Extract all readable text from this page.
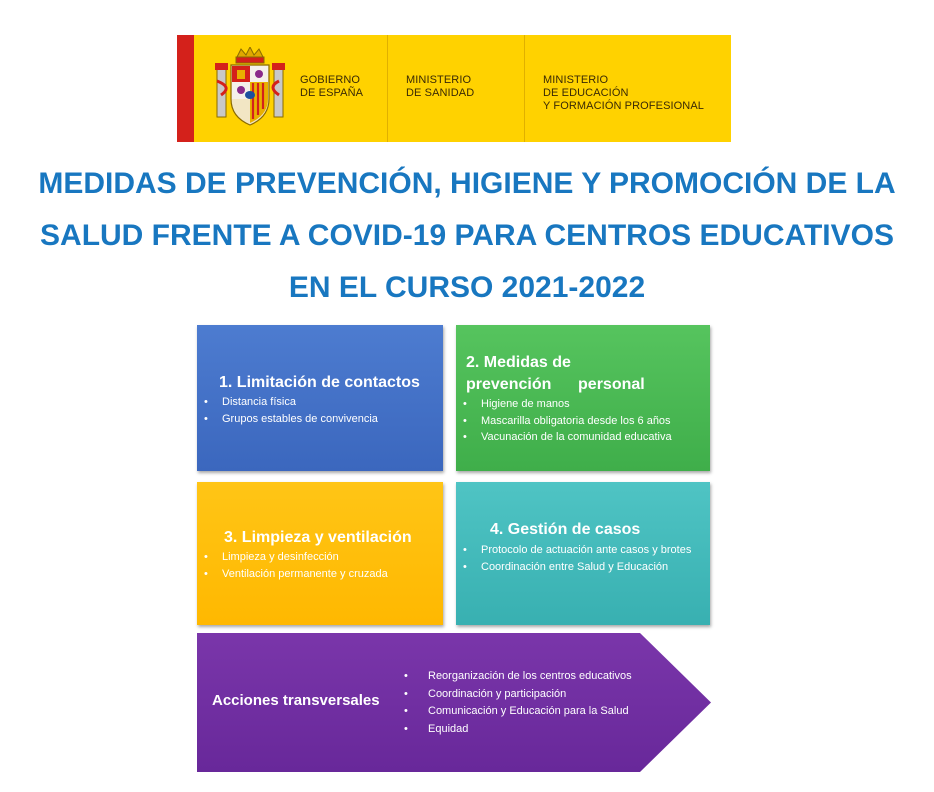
GOBIERNO
DE ESPAÑA
MINISTERIO
DE SANIDAD
MINISTERIO
DE EDUCACIÓN
Y FORMACIÓN PROFESIONAL
MEDIDAS DE PREVENCIÓN, HIGIENE Y PROMOCIÓN DE LA
SALUD FRENTE A COVID-19 PARA CENTROS EDUCATIVOS
EN EL CURSO 2021-2022
1. Limitación de contactos
• Distancia física
• Grupos estables de convivencia
2. Medidas de prevención      personal
• Higiene de manos
• Mascarilla obligatoria desde los 6 años
• Vacunación de la comunidad educativa
3. Limpieza y ventilación
• Limpieza y desinfección
• Ventilación permanente y cruzada
4. Gestión de casos
• Protocolo de actuación ante casos y brotes
• Coordinación entre Salud y Educación
Acciones transversales
• Reorganización de los centros educativos
• Coordinación y participación
• Comunicación y Educación para la Salud
• Equidad
